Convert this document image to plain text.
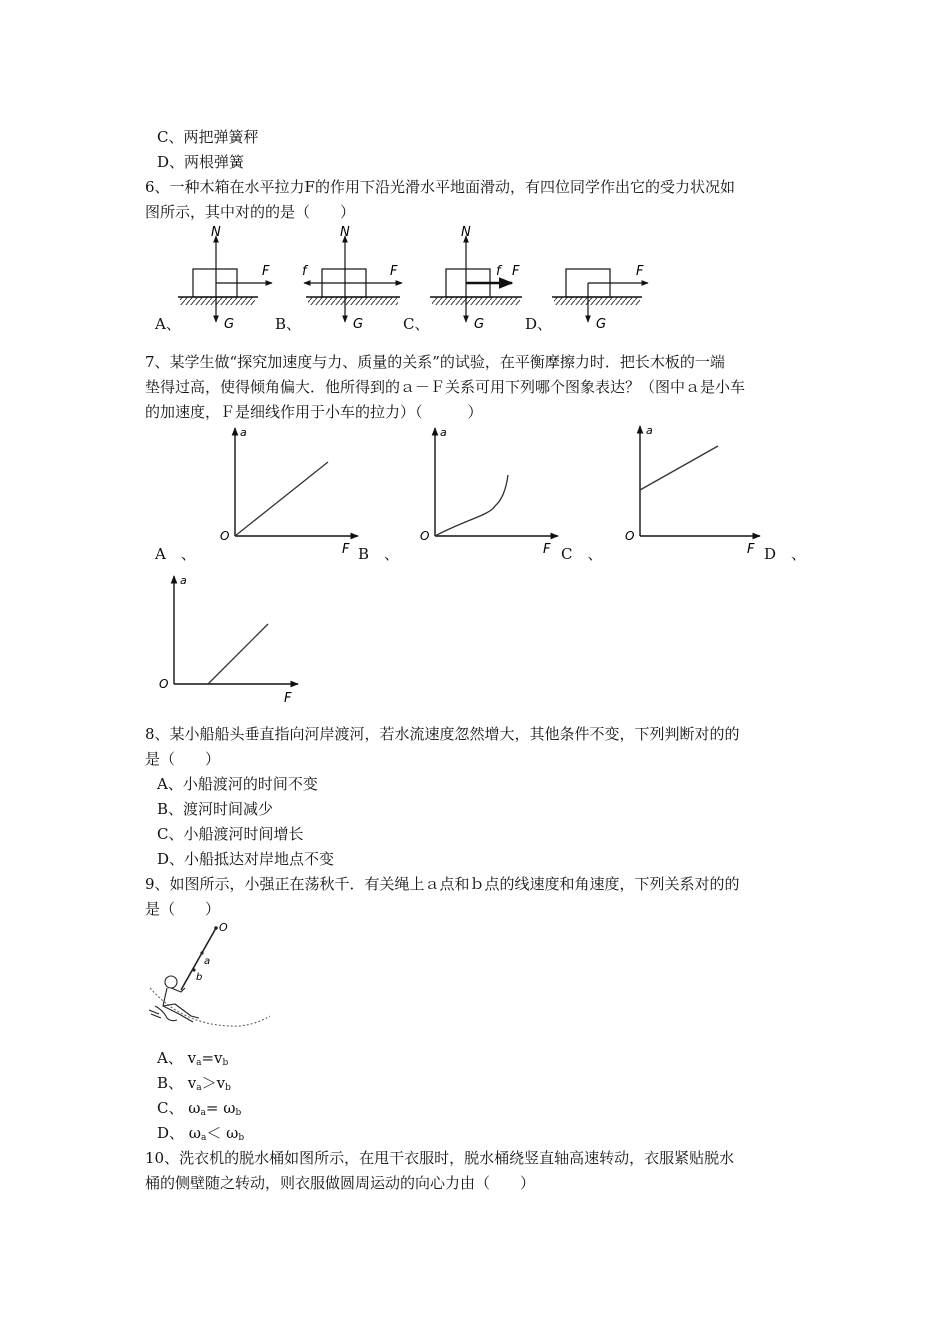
C、两把弹簧秤
D、两根弹簧
6、一种木箱在水平拉力F的作用下沿光滑水平地面滑动，有四位同学作出它的受力状况如
图所示，其中对的的是（　　）
N
F
G
N
F
f
G
N
f F
G
F
G
A、	B、	C、	D、
7、某学生做“探究加速度与力、质量的关系”的试验，在平衡摩擦力时．把长木板的一端
垫得过高，使得倾角偏大．他所得到的ａ－Ｆ关系可用下列哪个图象表达？（图中ａ是小车
的加速度，Ｆ是细线作用于小车的拉力）（　　　）
a
O
F
a
O
F
a
O
F
A　、	B　、	C　、	D　、
a
O
F
8、某小船船头垂直指向河岸渡河，若水流速度忽然增大，其他条件不变，下列判断对的的
是（　　）
A、小船渡河的时间不变
B、渡河时间减少
C、小船渡河时间增长
D、小船抵达对岸地点不变
9、如图所示，小强正在荡秋千．有关绳上ａ点和ｂ点的线速度和角速度，下列关系对的的
是（　　）
O
a
b
A、 $v_a=v_b$
B、 $v_a>v_b$
C、 $\omega_a= \omega_b$
D、 $\omega_a< \omega_b$
10、洗衣机的脱水桶如图所示，在甩干衣服时，脱水桶绕竖直轴高速转动，衣服紧贴脱水
桶的侧壁随之转动，则衣服做圆周运动的向心力由（　　）
